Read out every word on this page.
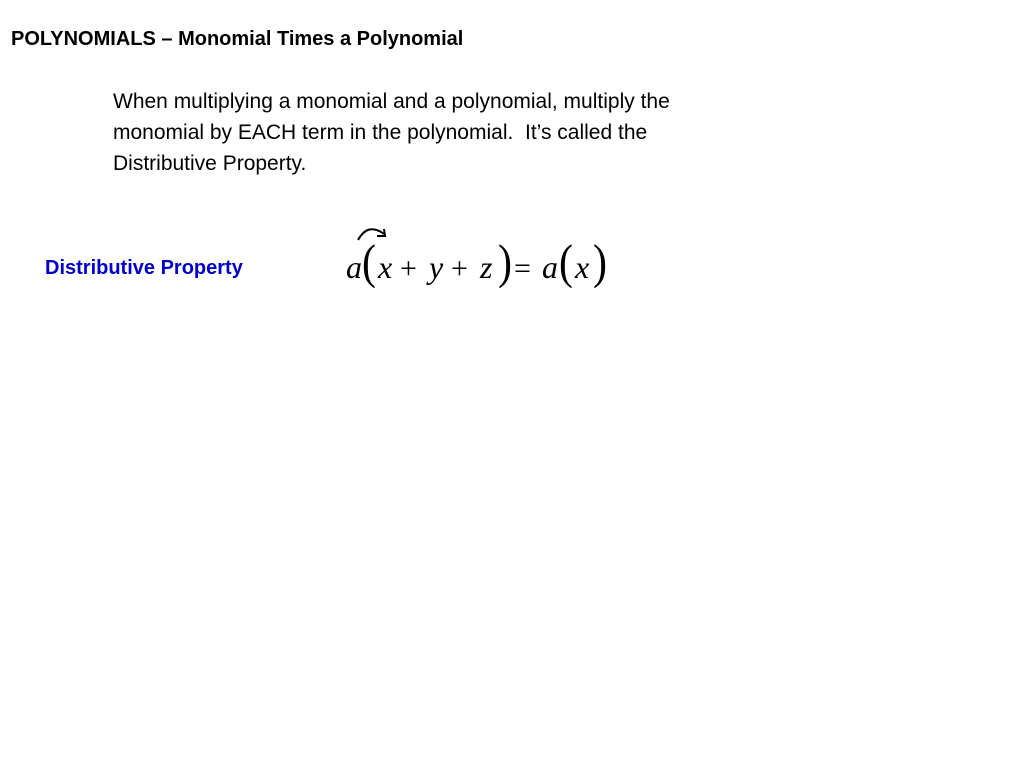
POLYNOMIALS – Monomial Times a Polynomial
When multiplying a monomial and a polynomial, multiply the
monomial by EACH term in the polynomial.  It’s called the
Distributive Property.
Distributive Property	a ( x + y + z ) = a ( x )
